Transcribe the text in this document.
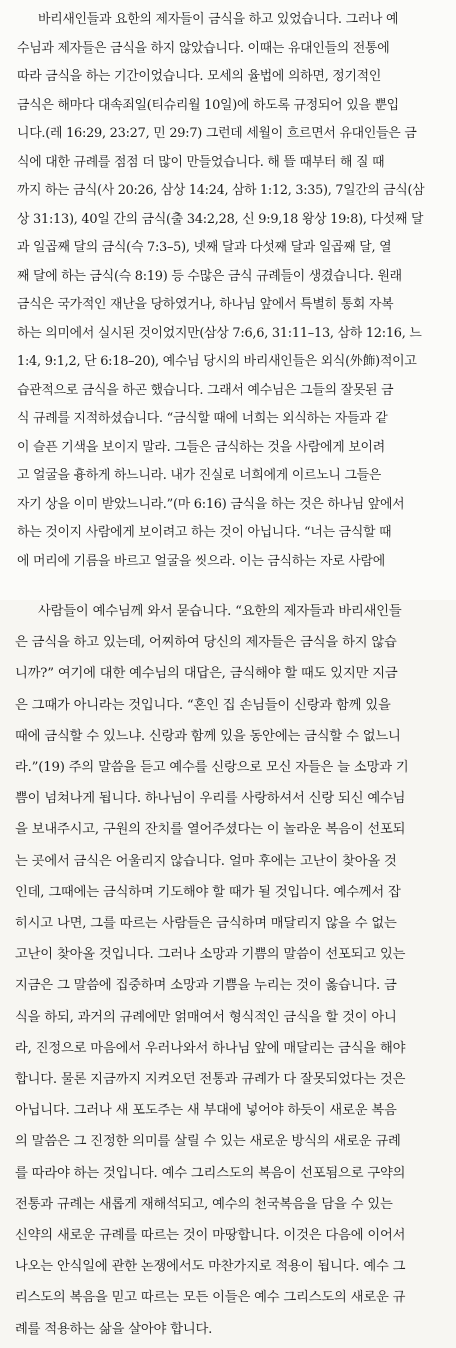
바리새인들과 요한의 제자들이 금식을 하고 있었습니다. 그러나 예
수님과 제자들은 금식을 하지 않았습니다. 이때는 유대인들의 전통에
따라 금식을 하는 기간이었습니다. 모세의 율법에 의하면, 정기적인
금식은 해마다 대속죄일(티슈리월 10일)에 하도록 규정되어 있을 뿐입
니다.(레 16:29, 23:27, 민 29:7) 그런데 세월이 흐르면서 유대인들은 금
식에 대한 규례를 점점 더 많이 만들었습니다. 해 뜰 때부터 해 질 때
까지 하는 금식(사 20:26, 삼상 14:24, 삼하 1:12, 3:35), 7일간의 금식(삼
상 31:13), 40일 간의 금식(출 34:2,28, 신 9:9,18 왕상 19:8), 다섯째 달
과 일곱째 달의 금식(슥 7:3–5), 넷째 달과 다섯째 달과 일곱째 달, 열
째 달에 하는 금식(슥 8:19) 등 수많은 금식 규례들이 생겼습니다. 원래
금식은 국가적인 재난을 당하였거나, 하나님 앞에서 특별히 통회 자복
하는 의미에서 실시된 것이었지만(삼상 7:6,6, 31:11–13, 삼하 12:16, 느
1:4, 9:1,2, 단 6:18–20), 예수님 당시의 바리새인들은 외식(外飾)적이고
습관적으로 금식을 하곤 했습니다. 그래서 예수님은 그들의 잘못된 금
식 규례를 지적하셨습니다. “금식할 때에 너희는 외식하는 자들과 같
이 슬픈 기색을 보이지 말라. 그들은 금식하는 것을 사람에게 보이려
고 얼굴을 흉하게 하느니라. 내가 진실로 너희에게 이르노니 그들은
자기 상을 이미 받았느니라.”(마 6:16) 금식을 하는 것은 하나님 앞에서
하는 것이지 사람에게 보이려고 하는 것이 아닙니다. “너는 금식할 때
에 머리에 기름을 바르고 얼굴을 씻으라. 이는 금식하는 자로 사람에
사람들이 예수님께 와서 묻습니다. “요한의 제자들과 바리새인들
은 금식을 하고 있는데, 어찌하여 당신의 제자들은 금식을 하지 않습
니까?” 여기에 대한 예수님의 대답은, 금식해야 할 때도 있지만 지금
은 그때가 아니라는 것입니다. “혼인 집 손님들이 신랑과 함께 있을
때에 금식할 수 있느냐. 신랑과 함께 있을 동안에는 금식할 수 없느니
라.”(19) 주의 말씀을 듣고 예수를 신랑으로 모신 자들은 늘 소망과 기
쁨이 넘쳐나게 됩니다. 하나님이 우리를 사랑하셔서 신랑 되신 예수님
을 보내주시고, 구원의 잔치를 열어주셨다는 이 놀라운 복음이 선포되
는 곳에서 금식은 어울리지 않습니다. 얼마 후에는 고난이 찾아올 것
인데, 그때에는 금식하며 기도해야 할 때가 될 것입니다. 예수께서 잡
히시고 나면, 그를 따르는 사람들은 금식하며 매달리지 않을 수 없는
고난이 찾아올 것입니다. 그러나 소망과 기쁨의 말씀이 선포되고 있는
지금은 그 말씀에 집중하며 소망과 기쁨을 누리는 것이 옳습니다. 금
식을 하되, 과거의 규례에만 얽매여서 형식적인 금식을 할 것이 아니
라, 진정으로 마음에서 우러나와서 하나님 앞에 매달리는 금식을 해야
합니다. 물론 지금까지 지켜오던 전통과 규례가 다 잘못되었다는 것은
아닙니다. 그러나 새 포도주는 새 부대에 넣어야 하듯이 새로운 복음
의 말씀은 그 진정한 의미를 살릴 수 있는 새로운 방식의 새로운 규례
를 따라야 하는 것입니다. 예수 그리스도의 복음이 선포됨으로 구약의
전통과 규례는 새롭게 재해석되고, 예수의 천국복음을 담을 수 있는
신약의 새로운 규례를 따르는 것이 마땅합니다. 이것은 다음에 이어서
나오는 안식일에 관한 논쟁에서도 마찬가지로 적용이 됩니다. 예수 그
리스도의 복음을 믿고 따르는 모든 이들은 예수 그리스도의 새로운 규
례를 적용하는 삶을 살아야 합니다.
